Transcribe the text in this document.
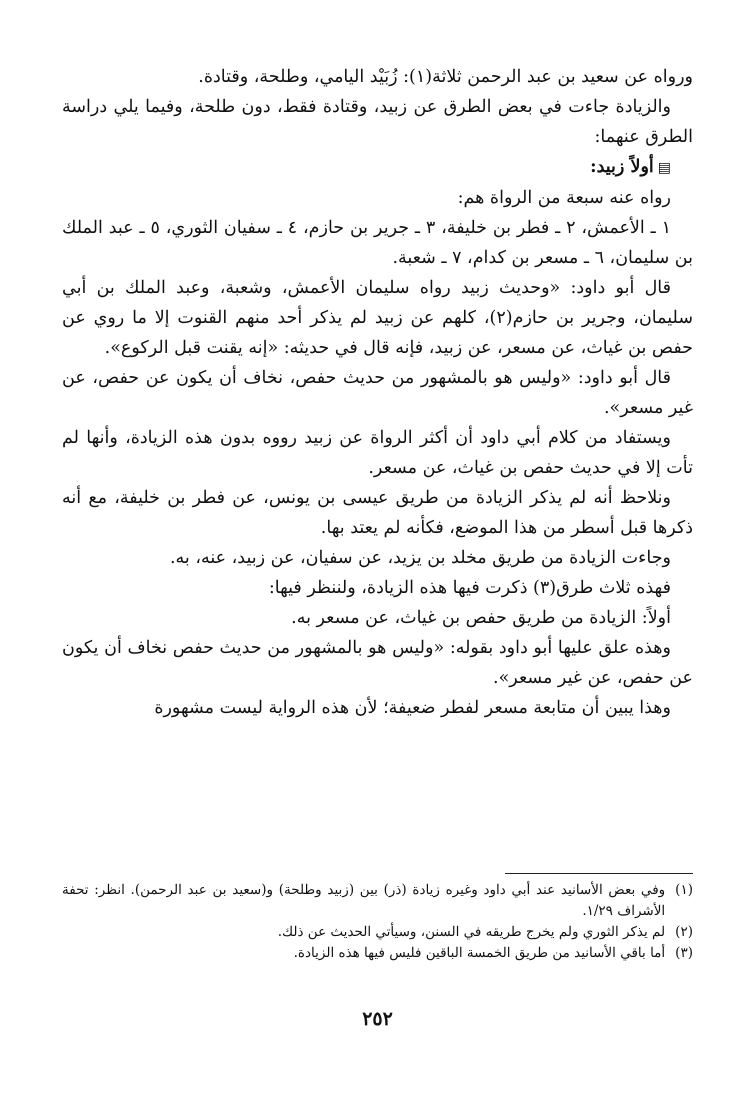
ورواه عن سعيد بن عبد الرحمن ثلاثة(١): زُبَيْد اليامي، وطلحة، وقتادة.

والزيادة جاءت في بعض الطرق عن زبيد، وقتادة فقط، دون طلحة، وفيما يلي دراسة الطرق عنهما:

▤أولاً زبيد:

رواه عنه سبعة من الرواة هم:

١ ـ الأعمش، ٢ ـ فطر بن خليفة، ٣ ـ جرير بن حازم، ٤ ـ سفيان الثوري، ٥ ـ عبد الملك بن سليمان، ٦ ـ مسعر بن كدام، ٧ ـ شعبة.

قال أبو داود: «وحديث زبيد رواه سليمان الأعمش، وشعبة، وعبد الملك بن أبي سليمان، وجرير بن حازم(٢)، كلهم عن زبيد لم يذكر أحد منهم القنوت إلا ما روي عن حفص بن غياث، عن مسعر، عن زبيد، فإنه قال في حديثه: «إنه يقنت قبل الركوع».

قال أبو داود: «وليس هو بالمشهور من حديث حفص، نخاف أن يكون عن حفص، عن غير مسعر».

ويستفاد من كلام أبي داود أن أكثر الرواة عن زبيد رووه بدون هذه الزيادة، وأنها لم تأت إلا في حديث حفص بن غياث، عن مسعر.

ونلاحظ أنه لم يذكر الزيادة من طريق عيسى بن يونس، عن فطر بن خليفة، مع أنه ذكرها قبل أسطر من هذا الموضع، فكأنه لم يعتد بها.

وجاءت الزيادة من طريق مخلد بن يزيد، عن سفيان، عن زبيد، عنه، به.

فهذه ثلاث طرق(٣) ذكرت فيها هذه الزيادة، ولننظر فيها:

أولاً: الزيادة من طريق حفص بن غياث، عن مسعر به.

وهذه علق عليها أبو داود بقوله: «وليس هو بالمشهور من حديث حفص نخاف أن يكون عن حفص، عن غير مسعر».

وهذا يبين أن متابعة مسعر لفطر ضعيفة؛ لأن هذه الرواية ليست مشهورة

(١)
وفي بعض الأسانيد عند أبي داود وغيره زيادة (ذر) بين (زبيد وطلحة) و(سعيد بن عبد الرحمن). انظر: تحفة الأشراف ١/٢٩.

(٢)
لم يذكر الثوري ولم يخرج طريقه في السنن، وسيأتي الحديث عن ذلك.

(٣)
أما باقي الأسانيد من طريق الخمسة الباقين فليس فيها هذه الزيادة.

٢٥٢
